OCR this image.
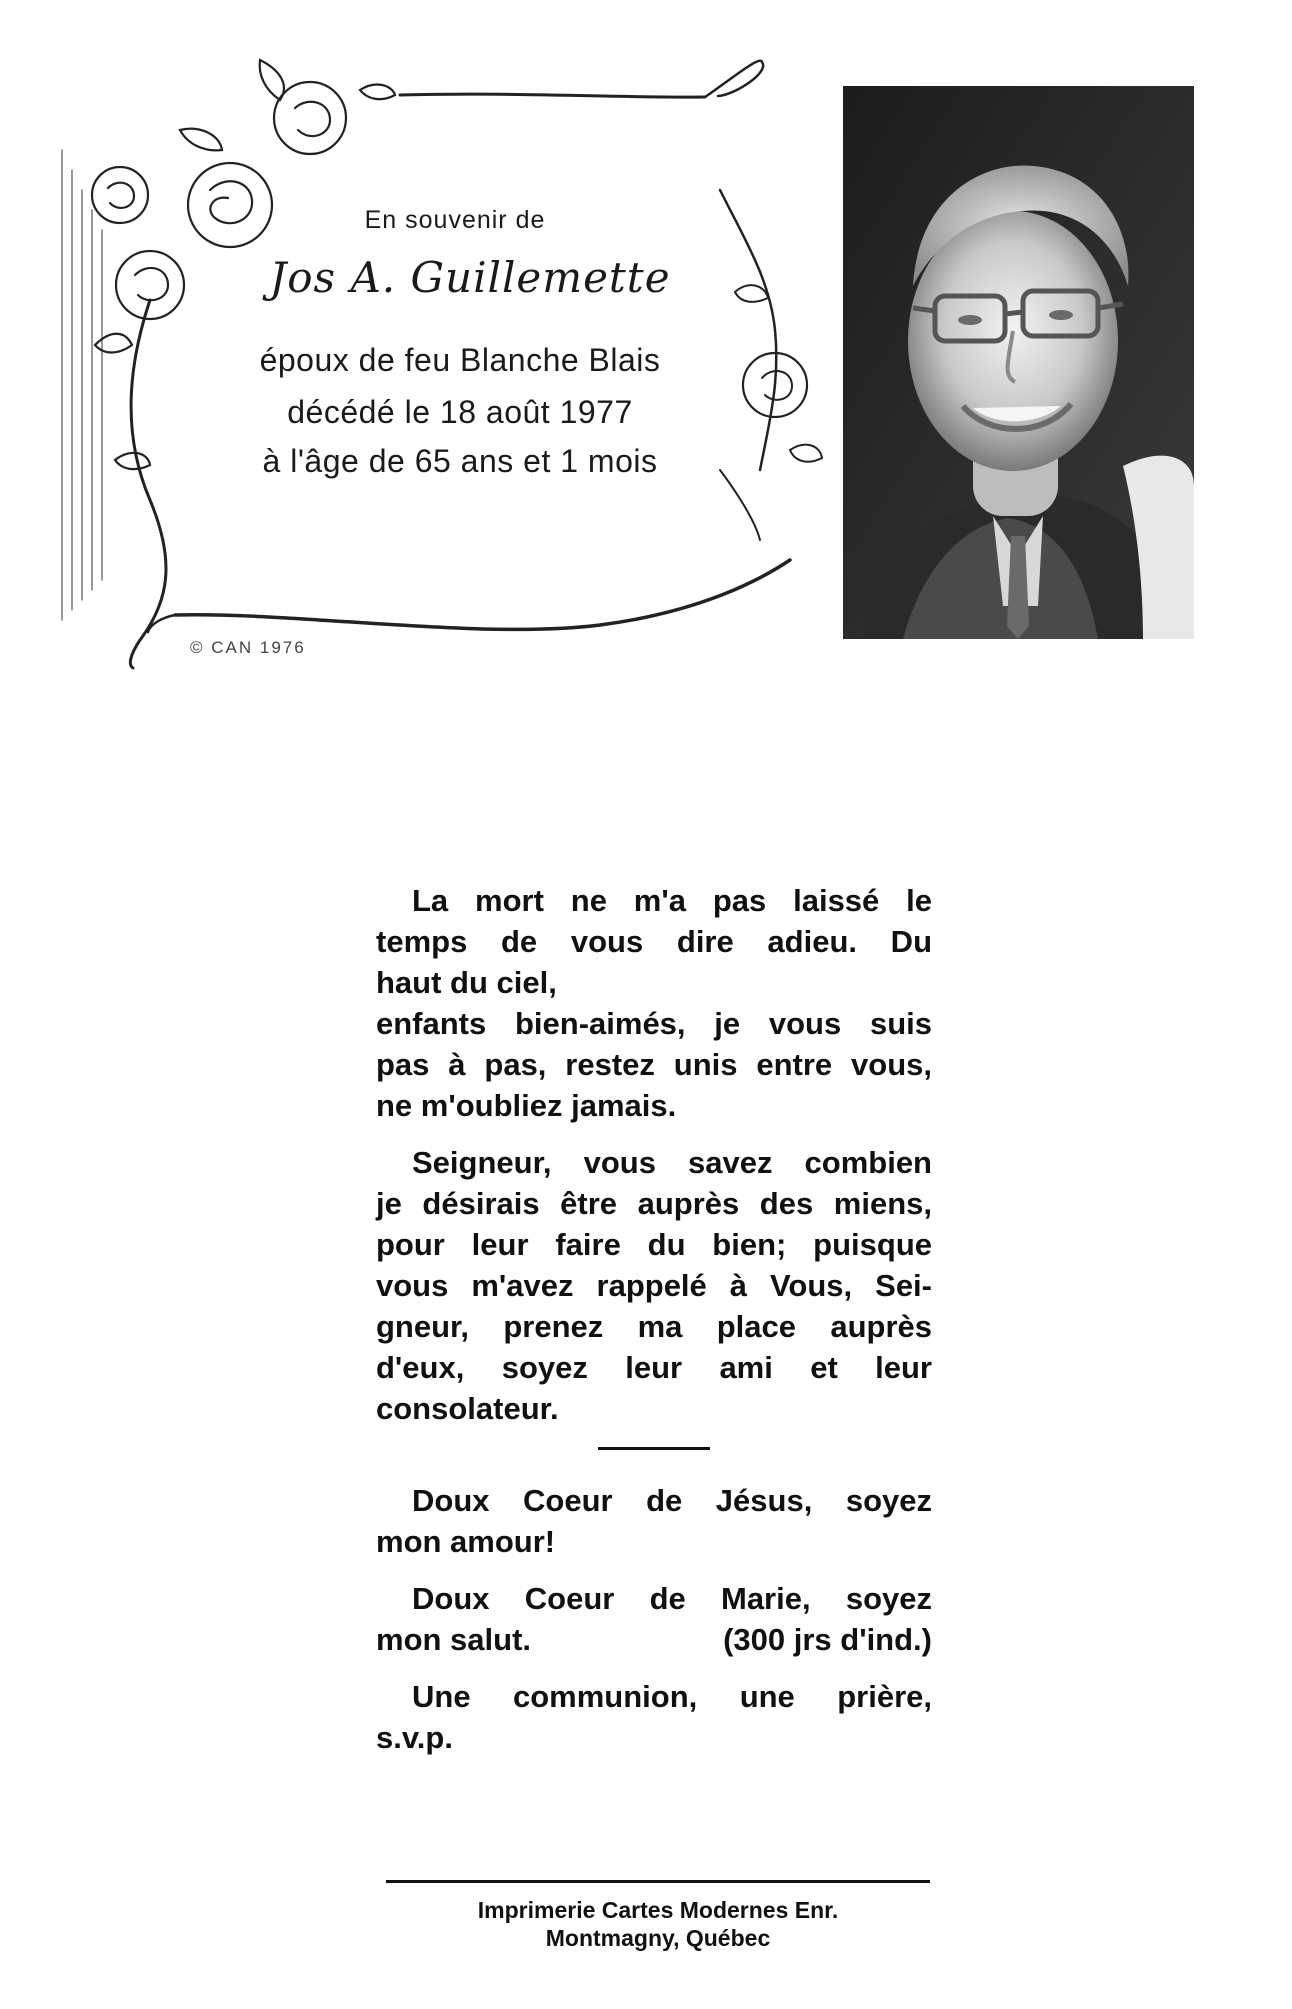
En souvenir de
Jos A. Guillemette
époux de feu Blanche Blais
décédé le 18 août 1977
à l'âge de 65 ans et 1 mois
© CAN 1976
La mort ne m'a pas laissé le
temps de vous dire adieu. Du
haut du ciel,
enfants bien-aimés, je vous suis
pas à pas, restez unis entre vous,
ne m'oubliez jamais.
Seigneur, vous savez combien
je désirais être auprès des miens,
pour leur faire du bien; puisque
vous m'avez rappelé à Vous, Sei-
gneur, prenez ma place auprès
d'eux, soyez leur ami et leur
consolateur.
Doux Coeur de Jésus, soyez
mon amour!
Doux Coeur de Marie, soyez
mon salut.	(300 jrs d'ind.)
Une communion, une prière,
s.v.p.
Imprimerie Cartes Modernes Enr.
Montmagny, Québec
